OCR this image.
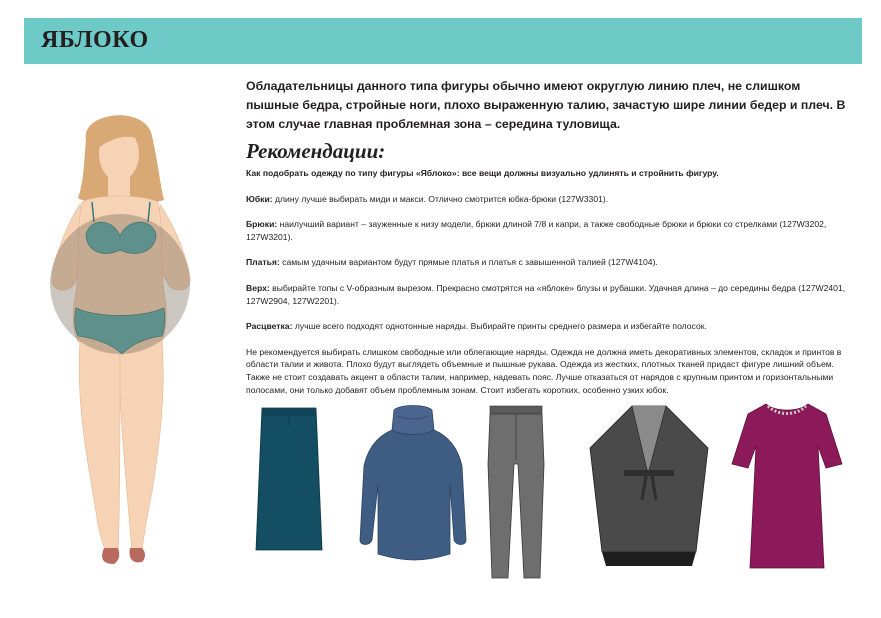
ЯБЛОКО

Обладательницы данного типа фигуры обычно имеют округлую линию плеч, не слишком пышные бедра, стройные ноги, плохо выраженную талию, зачастую шире линии бедер и плеч. В этом случае главная проблемная зона – середина туловища.

Рекомендации:

Как подобрать одежду по типу фигуры «Яблоко»: все вещи должны визуально удлинять и стройнить фигуру.

Юбки: длину лучше выбирать миди и макси. Отлично смотрится юбка-брюки (127W3301).

Брюки: наилучший вариант – зауженные к низу модели, брюки длиной 7/8 и капри, а также свободные брюки и брюки со стрелками (127W3202, 127W3201).

Платья: самым удачным вариантом будут прямые платья и платья с завышенной талией (127W4104).

Верх: выбирайте топы с V-образным вырезом. Прекрасно смотрятся на «яблоке» блузы и рубашки. Удачная длина – до середины бедра (127W2401, 127W2904, 127W2201).

Расцветка: лучше всего подходят однотонные наряды. Выбирайте принты среднего размера и избегайте полосок.

Не рекомендуется выбирать слишком свободные или облегающие наряды. Одежда не должна иметь декоративных элементов, складок и принтов в области талии и живота. Плохо будут выглядеть объемные и пышные рукава. Одежда из жестких, плотных тканей придаст фигуре лишний объем. Также не стоит создавать акцент в области талии, например, надевать пояс. Лучше отказаться от нарядов с крупным принтом и горизонтальными полосами, они только добавят объем проблемным зонам. Стоит избегать коротких, особенно узких юбок.
